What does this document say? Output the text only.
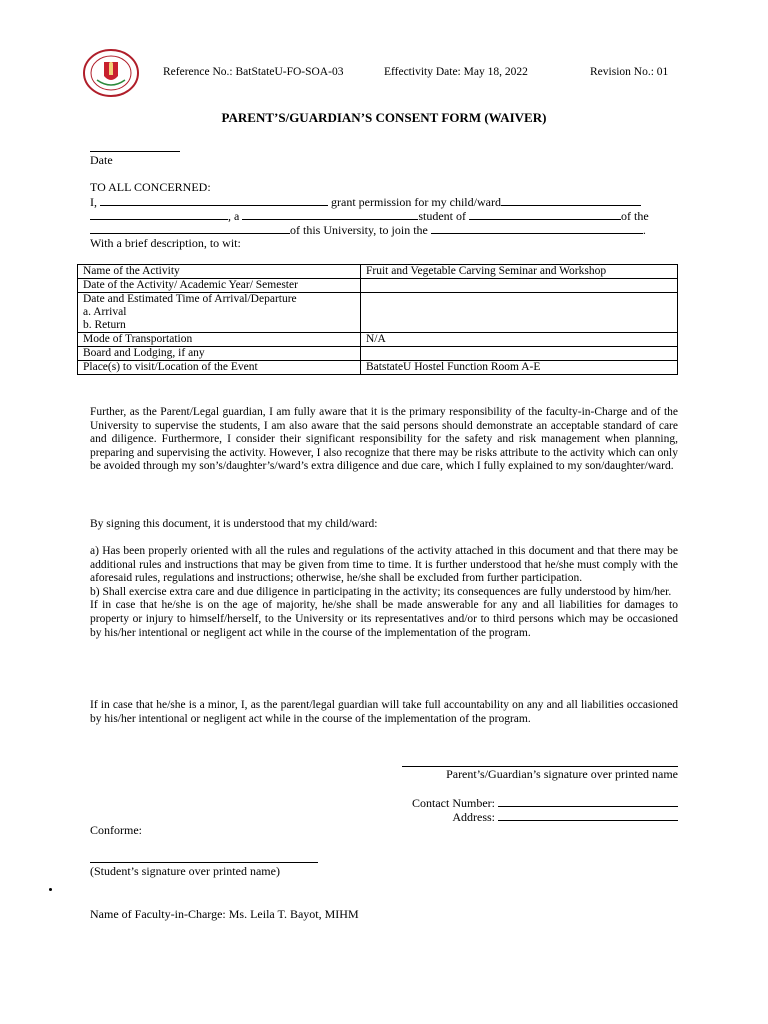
Reference No.: BatStateU-FO-SOA-03	Effectivity Date: May 18, 2022	Revision No.: 01
PARENT’S/GUARDIAN’S CONSENT FORM (WAIVER)
Date
TO ALL CONCERNED:
I,	grant permission for my child/ward
, a	student of	of the
of this University, to join the	.
With a brief description, to wit:
Name of the Activity	Fruit and Vegetable Carving Seminar and Workshop
Date of the Activity/ Academic Year/ Semester	

Date and Estimated Time of Arrival/Departure
a. Arrival
b. Return	

Mode of Transportation	N/A
Board and Lodging, if any	
Place(s) to visit/Location of the Event	BatstateU Hostel Function Room A-E

Further, as the Parent/Legal guardian, I am fully aware that it is the primary responsibility of the faculty-in-Charge and of the University to supervise the students, I am also aware that the said persons should demonstrate an acceptable standard of care and diligence. Furthermore, I consider their significant responsibility for the safety and risk management when planning, preparing and supervising the activity. However, I also recognize that there may be risks attribute to the activity which can only be avoided through my son’s/daughter’s/ward’s extra diligence and due care, which I fully explained to my son/daughter/ward.

By signing this document, it is understood that my child/ward:

a) Has been properly oriented with all the rules and regulations of the activity attached in this document and that there may be additional rules and instructions that may be given from time to time. It is further understood that he/she must comply with the aforesaid rules, regulations and instructions; otherwise, he/she shall be excluded from further participation.

b) Shall exercise extra care and due diligence in participating in the activity; its consequences are fully understood by him/her.

If in case that he/she is on the age of majority, he/she shall be made answerable for any and all liabilities for damages to property or injury to himself/herself, to the University or its representatives and/or to third persons which may be occasioned by his/her intentional or negligent act while in the course of the implementation of the program.

If in case that he/she is a minor, I, as the parent/legal guardian will take full accountability on any and all liabilities occasioned by his/her intentional or negligent act while in the course of the implementation of the program.

Parent’s/Guardian’s signature over printed name
Contact Number:
Address:
Conforme:
(Student’s signature over printed name)
Name of Faculty-in-Charge: Ms. Leila T. Bayot, MIHM
